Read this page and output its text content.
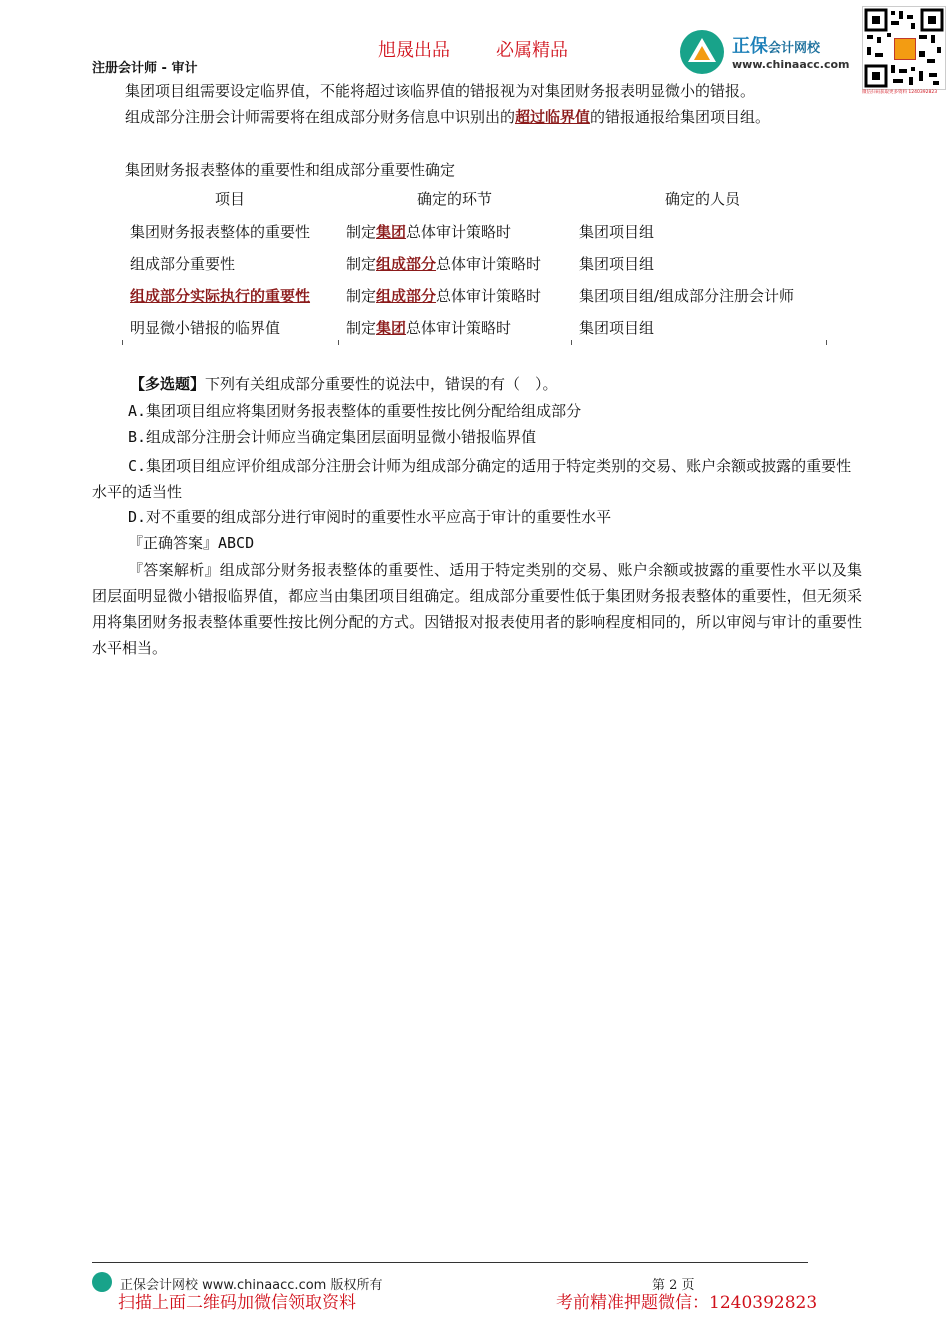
注册会计师 - 审计
旭晟出品	必属精品	正保会计网校
www.chinaacc.com
微信扫码获取更多资料 1240392823
集团项目组需要设定临界值，不能将超过该临界值的错报视为对集团财务报表明显微小的错报。
组成部分注册会计师需要将在组成部分财务信息中识别出的超过临界值的错报通报给集团项目组。
集团财务报表整体的重要性和组成部分重要性确定
项目	确定的环节	确定的人员
集团财务报表整体的重要性	制定集团总体审计策略时	集团项目组
组成部分重要性	制定组成部分总体审计策略时	集团项目组
组成部分实际执行的重要性	制定组成部分总体审计策略时	集团项目组/组成部分注册会计师
明显微小错报的临界值	制定集团总体审计策略时	集团项目组
【多选题】下列有关组成部分重要性的说法中，错误的有（　）。
A.集团项目组应将集团财务报表整体的重要性按比例分配给组成部分
B.组成部分注册会计师应当确定集团层面明显微小错报临界值
C.集团项目组应评价组成部分注册会计师为组成部分确定的适用于特定类别的交易、账户余额或披露的重要性水平的适当性
D.对不重要的组成部分进行审阅时的重要性水平应高于审计的重要性水平
『正确答案』ABCD
『答案解析』组成部分财务报表整体的重要性、适用于特定类别的交易、账户余额或披露的重要性水平以及集团层面明显微小错报临界值，都应当由集团项目组确定。组成部分重要性低于集团财务报表整体的重要性，但无须采用将集团财务报表整体重要性按比例分配的方式。因错报对报表使用者的影响程度相同的，所以审阅与审计的重要性水平相当。
正保会计网校 www.chinaacc.com 版权所有	第 2 页
扫描上面二维码加微信领取资料	考前精准押题微信：1240392823
